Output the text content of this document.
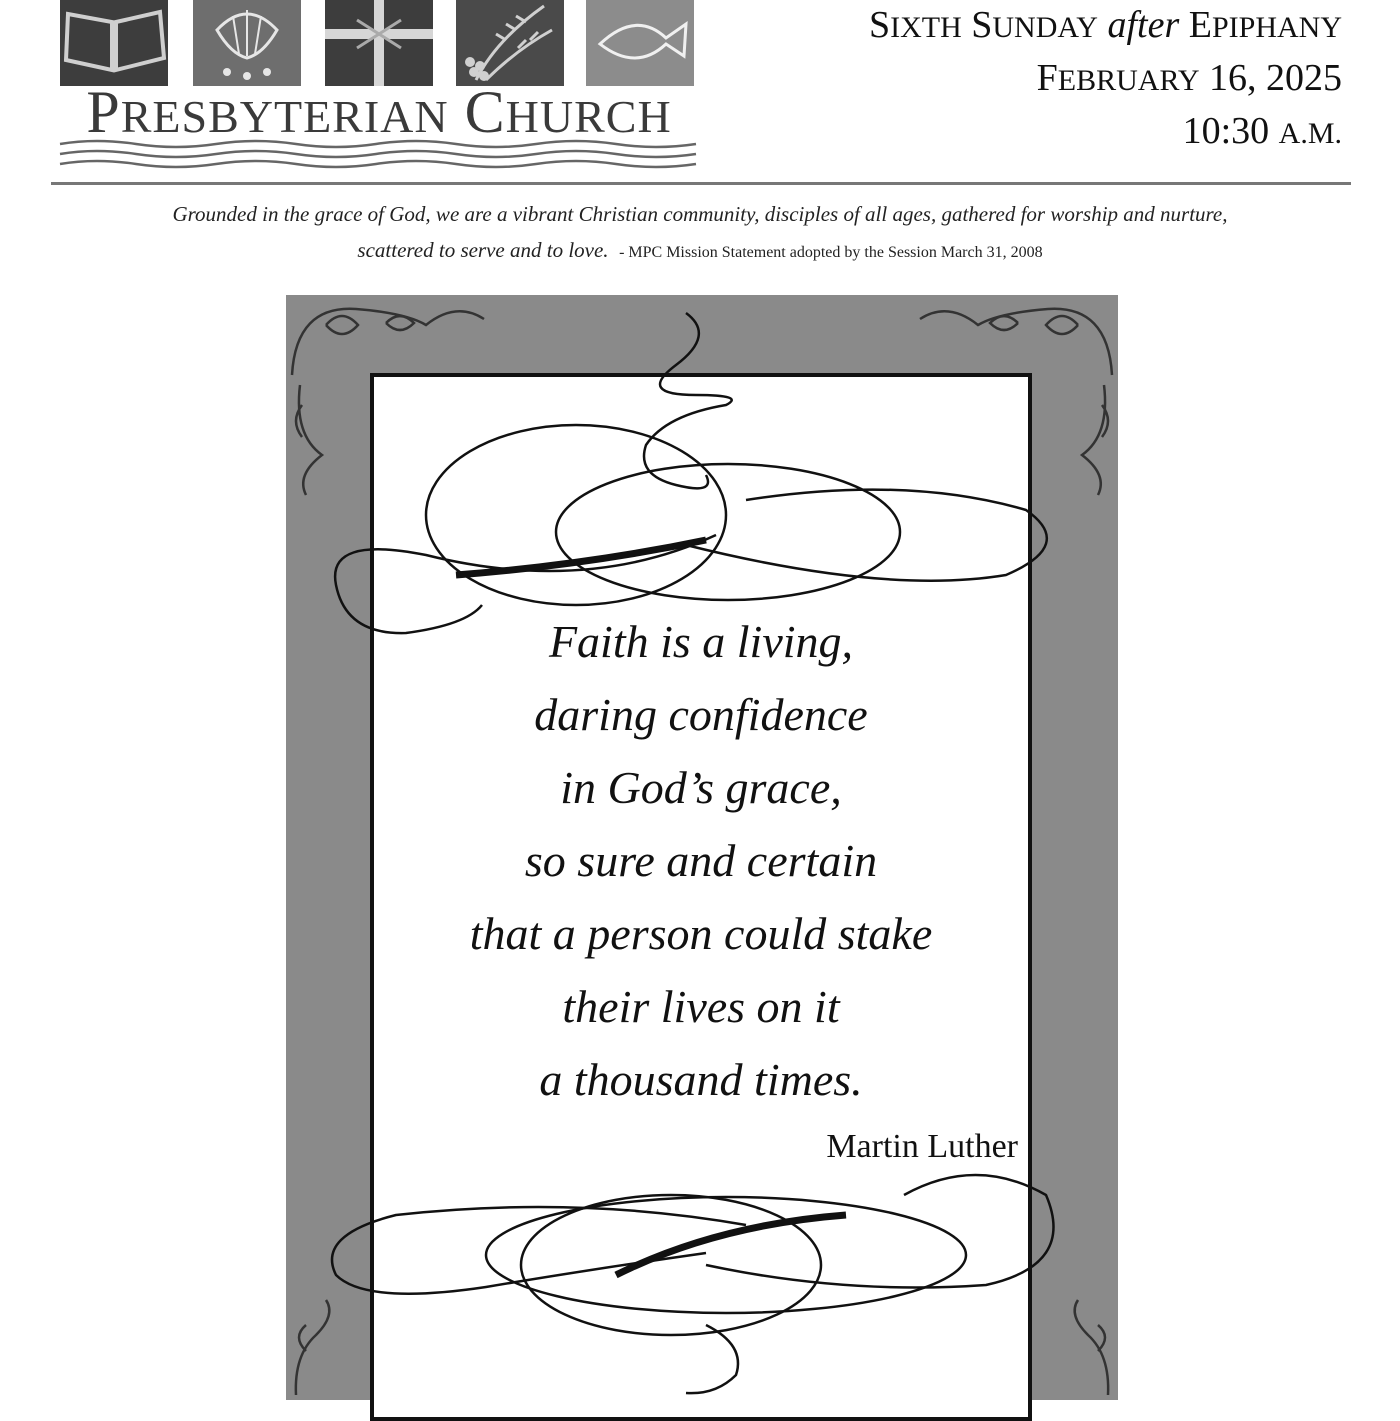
PRESBYTERIAN CHURCH
SIXTH SUNDAY after EPIPHANY
FEBRUARY 16, 2025
10:30 A.M.
Grounded in the grace of God, we are a vibrant Christian community, disciples of all ages, gathered for worship and nurture,
scattered to serve and to love. - MPC Mission Statement adopted by the Session March 31, 2008
Faith is a living,
daring confidence
in God’s grace,
so sure and certain
that a person could stake
their lives on it
a thousand times.
Martin Luther
